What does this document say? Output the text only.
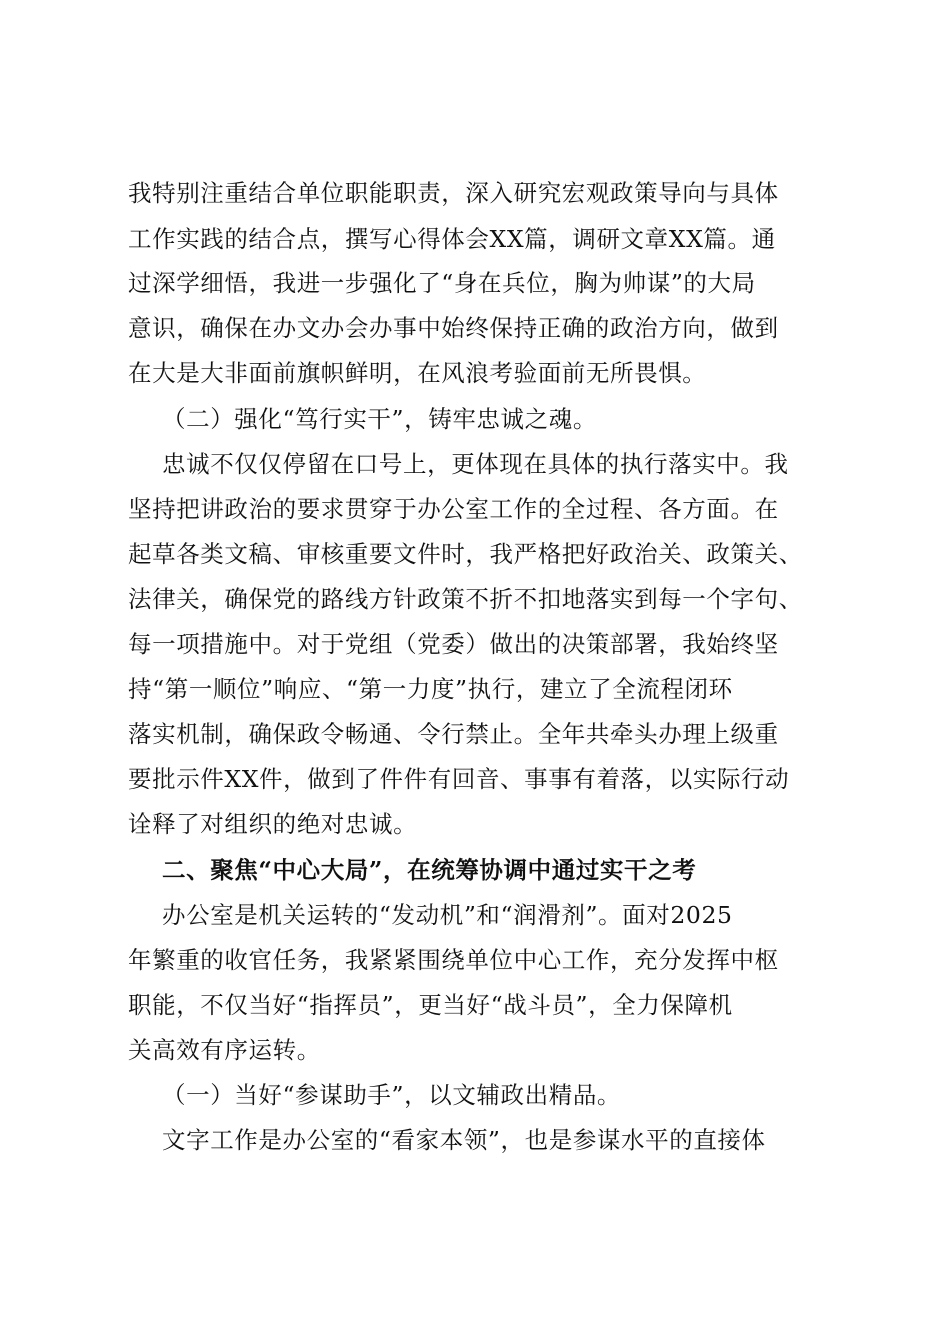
我特别注重结合单位职能职责，深入研究宏观政策导向与具体
工作实践的结合点，撰写心得体会XX篇，调研文章XX篇。通
过深学细悟，我进一步强化了“身在兵位，胸为帅谋”的大局
意识，确保在办文办会办事中始终保持正确的政治方向，做到
在大是大非面前旗帜鲜明，在风浪考验面前无所畏惧。
（二）强化“笃行实干”，铸牢忠诚之魂。
忠诚不仅仅停留在口号上，更体现在具体的执行落实中。我
坚持把讲政治的要求贯穿于办公室工作的全过程、各方面。在
起草各类文稿、审核重要文件时，我严格把好政治关、政策关、
法律关，确保党的路线方针政策不折不扣地落实到每一个字句、
每一项措施中。对于党组（党委）做出的决策部署，我始终坚
持“第一顺位”响应、“第一力度”执行，建立了全流程闭环
落实机制，确保政令畅通、令行禁止。全年共牵头办理上级重
要批示件XX件，做到了件件有回音、事事有着落，以实际行动
诠释了对组织的绝对忠诚。
二、聚焦“中心大局”，在统筹协调中通过实干之考
办公室是机关运转的“发动机”和“润滑剂”。面对2025
年繁重的收官任务，我紧紧围绕单位中心工作，充分发挥中枢
职能，不仅当好“指挥员”，更当好“战斗员”，全力保障机
关高效有序运转。
（一）当好“参谋助手”，以文辅政出精品。
文字工作是办公室的“看家本领”，也是参谋水平的直接体
